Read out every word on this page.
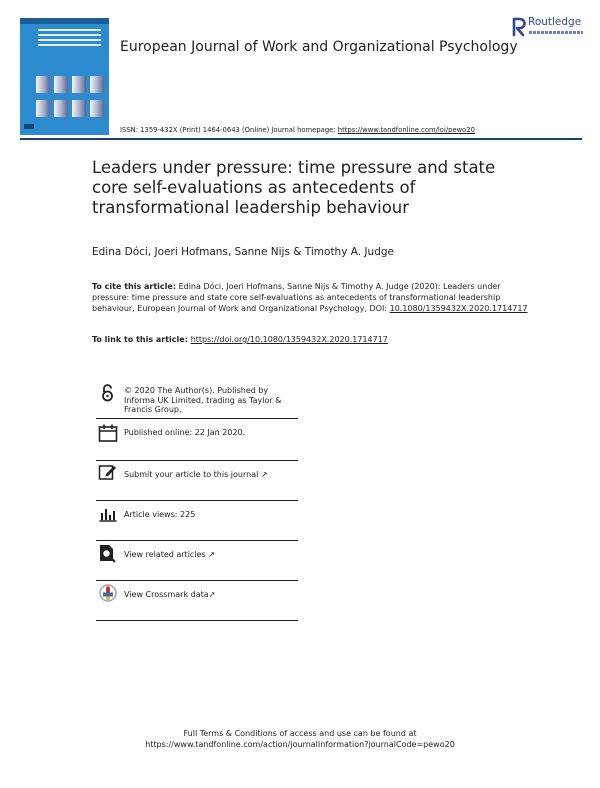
Routledge
European Journal of Work and Organizational Psychology
ISSN: 1359-432X (Print) 1464-0643 (Online) Journal homepage: https://www.tandfonline.com/loi/pewo20
Leaders under pressure: time pressure and state core self-evaluations as antecedents of transformational leadership behaviour
Edina Dóci, Joeri Hofmans, Sanne Nijs & Timothy A. Judge
To cite this article: Edina Dóci, Joeri Hofmans, Sanne Nijs & Timothy A. Judge (2020): Leaders under pressure: time pressure and state core self-evaluations as antecedents of transformational leadership behaviour, European Journal of Work and Organizational Psychology, DOI: 10.1080/1359432X.2020.1714717
To link to this article: https://doi.org/10.1080/1359432X.2020.1714717
© 2020 The Author(s). Published by Informa UK Limited, trading as Taylor & Francis Group.
Published online: 22 Jan 2020.
Submit your article to this journal ↗
Article views: 225
View related articles ↗
View Crossmark data↗
Full Terms & Conditions of access and use can be found at
https://www.tandfonline.com/action/journalInformation?journalCode=pewo20
